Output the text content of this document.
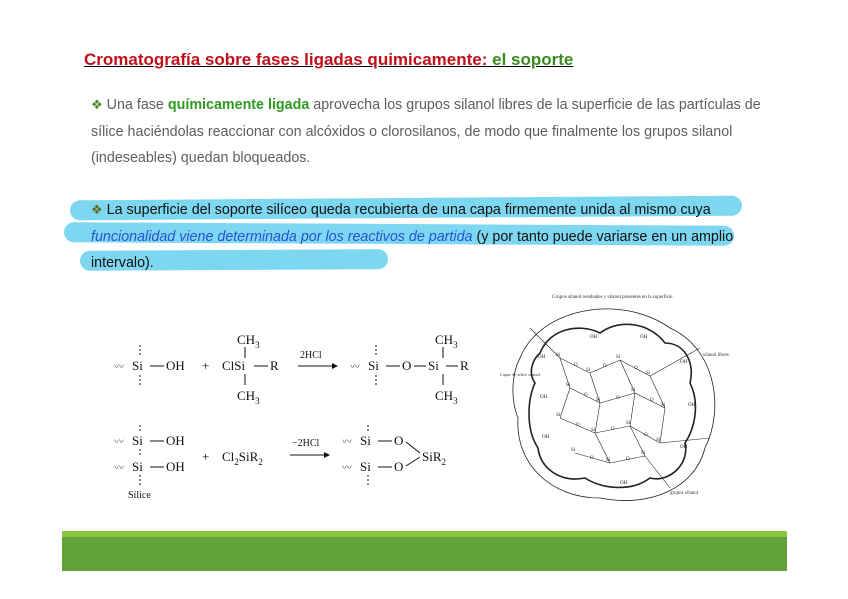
Cromatografía sobre fases ligadas quimicamente: el soporte
❖ Una fase químicamente ligada aprovecha los grupos silanol libres de la superficie de las partículas de sílice haciéndolas reaccionar con alcóxidos o clorosilanos, de modo que finalmente los grupos silanol (indeseables) quedan bloqueados.
❖ La superficie del soporte silíceo queda recubierta de una capa firmemente unida al mismo cuya funcionalidad viene determinada por los reactivos de partida (y por tanto puede variarse en un amplio intervalo).
〰 Si OH +
$CH_3$
ClSi R
$CH_3$
2HCl
〰 Si O
$CH_3$
Si R
$CH_3$
〰 Si OH
〰 Si OH
Sílice
+ $Cl_2SiR_2$
−2HCl 〰 Si O
〰 Si O
SiR$_2$
Grupos silanol residuales y silanol presentes en la superficie
Si
Si
Si
Si
Si
Si
Si
Si
Si
Si
Si
Si
Si
Si
Si
O	O	O
O
O	O
O
O
O
O	O
OH
OH
OH
OH
OH
OH
OH
OH	OH
silanol libres
Capas de sílice silanol
grupos silanol
